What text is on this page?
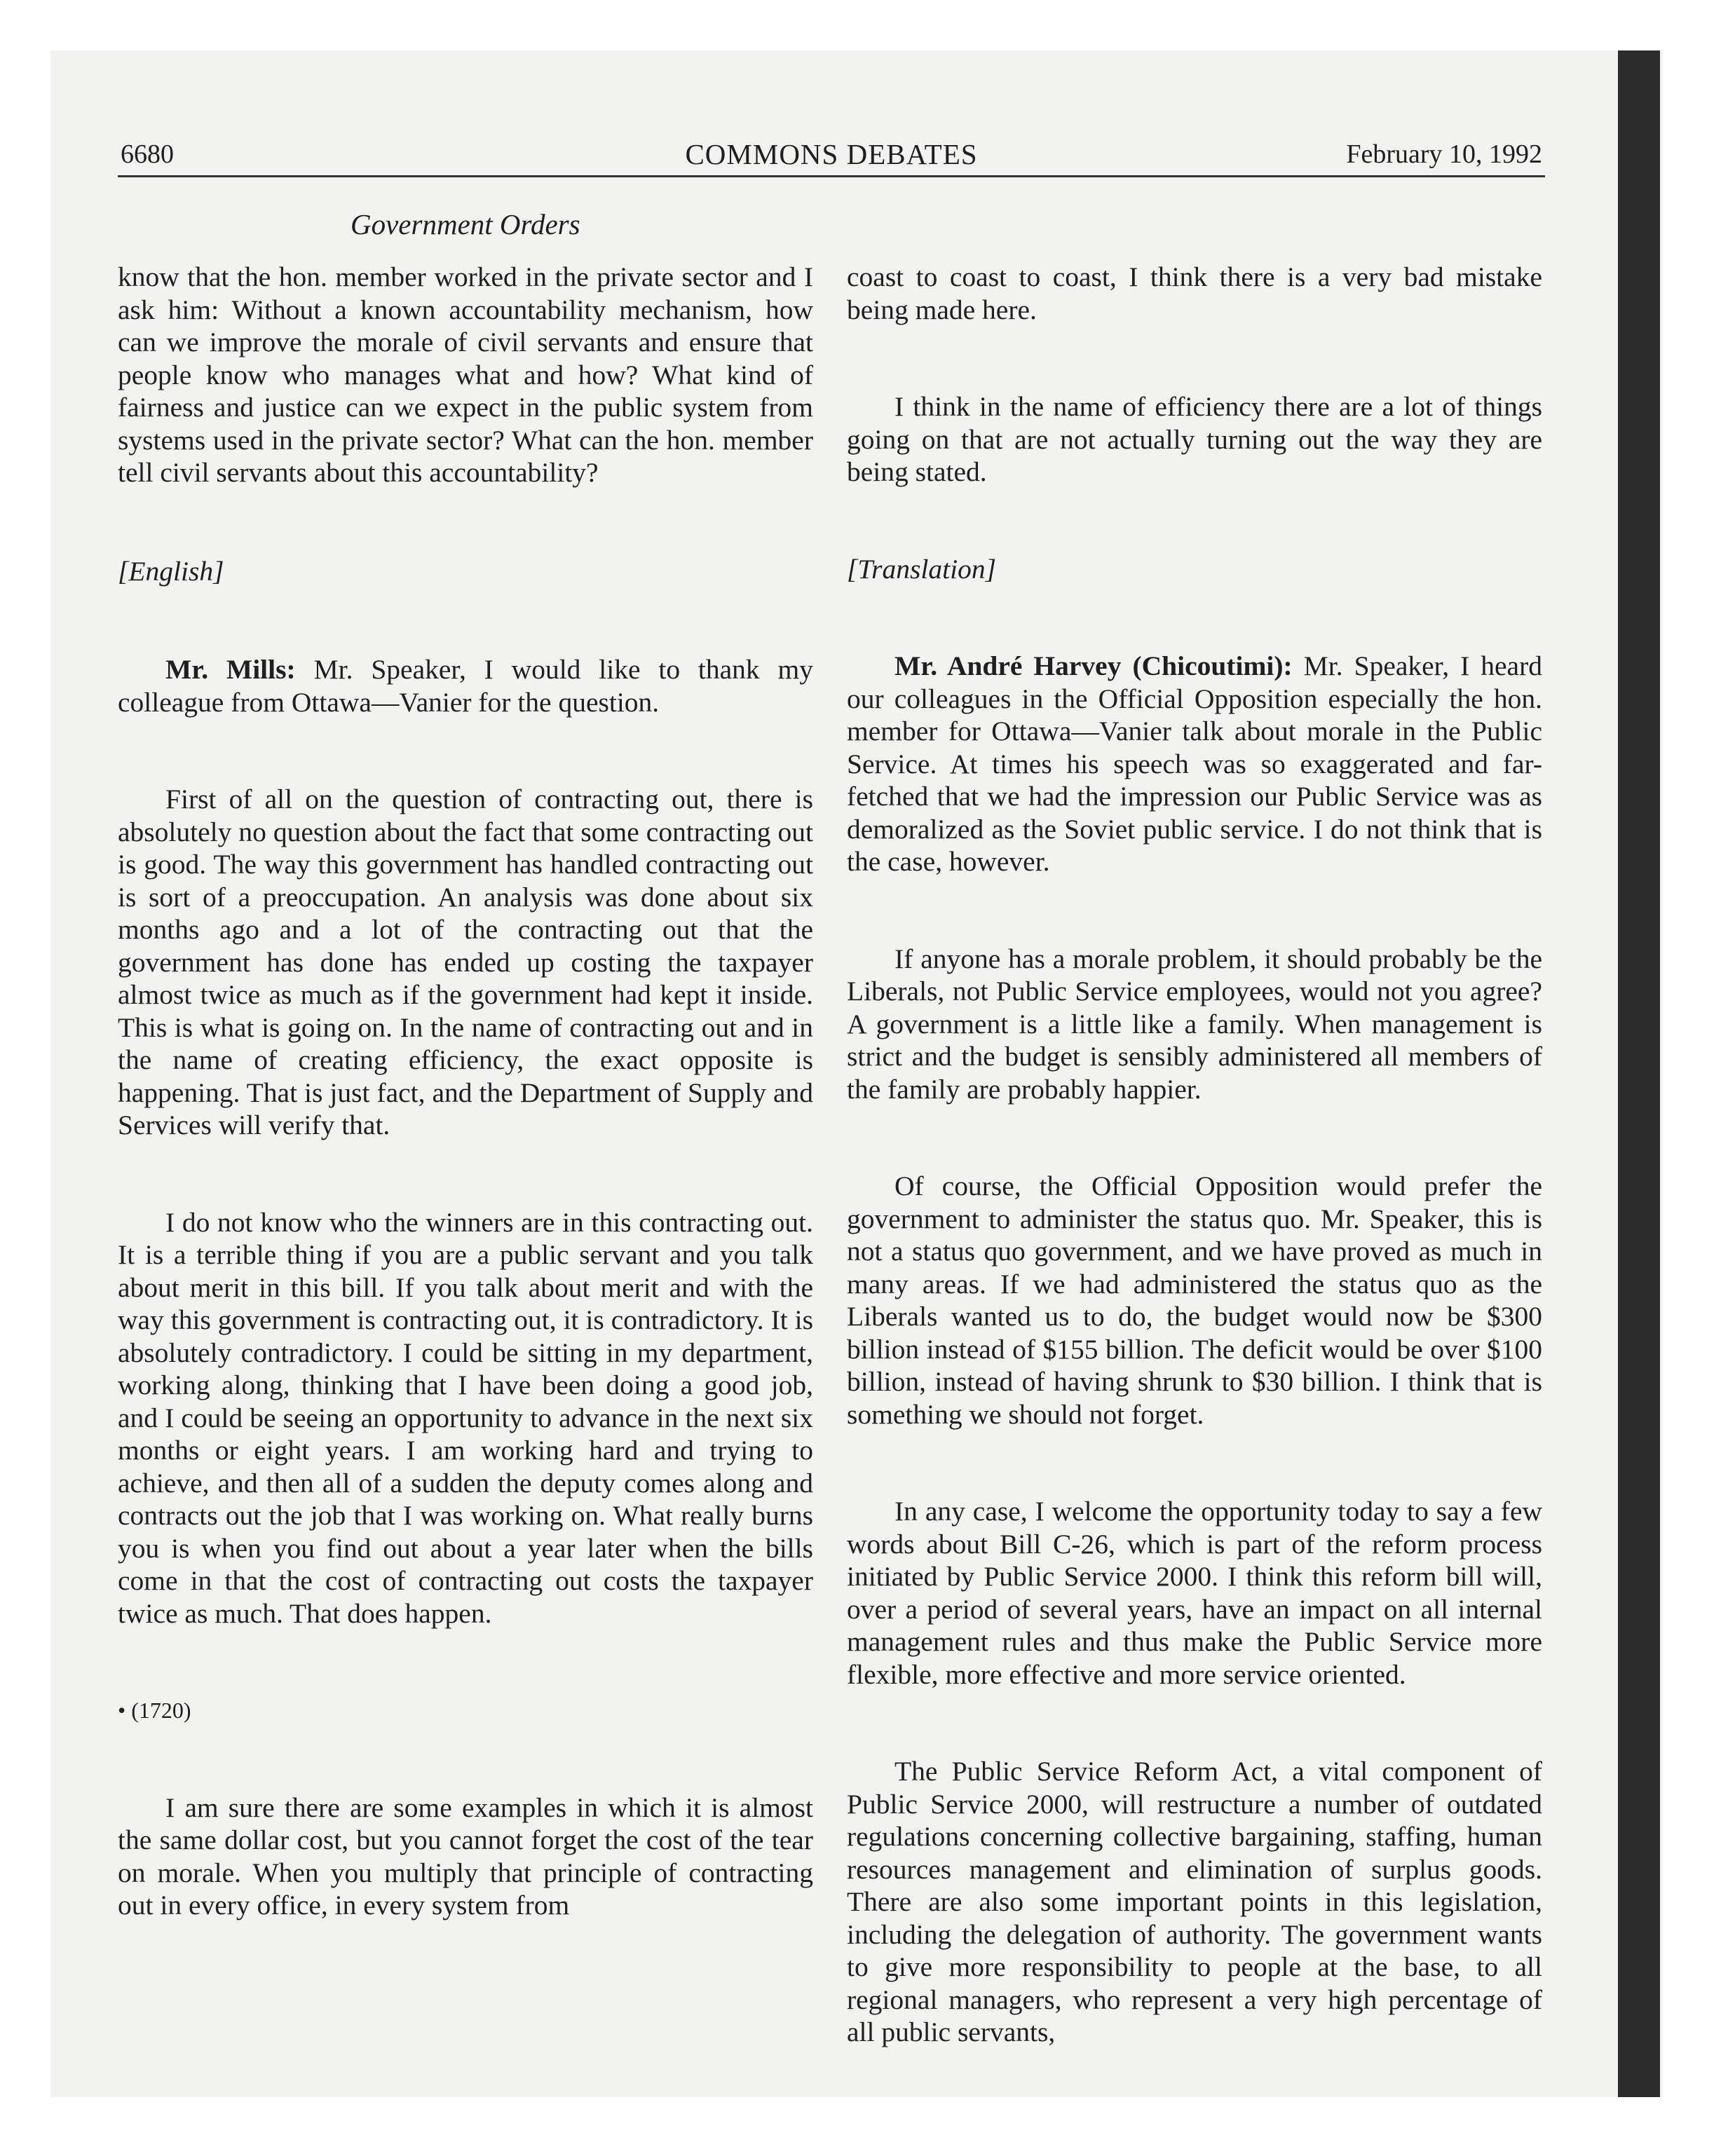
6680	COMMONS DEBATES	February 10, 1992
Government Orders

know that the hon. member worked in the private sector and I ask him: Without a known accountability mechanism, how can we improve the morale of civil servants and ensure that people know who manages what and how? What kind of fairness and justice can we expect in the public system from systems used in the private sector? What can the hon. member tell civil servants about this accountability?

[English]

Mr. Mills: Mr. Speaker, I would like to thank my colleague from Ottawa—Vanier for the question.

First of all on the question of contracting out, there is absolutely no question about the fact that some contracting out is good. The way this government has handled contracting out is sort of a preoccupation. An analysis was done about six months ago and a lot of the contracting out that the government has done has ended up costing the taxpayer almost twice as much as if the government had kept it inside. This is what is going on. In the name of contracting out and in the name of creating efficiency, the exact opposite is happening. That is just fact, and the Department of Supply and Services will verify that.

I do not know who the winners are in this contracting out. It is a terrible thing if you are a public servant and you talk about merit in this bill. If you talk about merit and with the way this government is contracting out, it is contradictory. It is absolutely contradictory. I could be sitting in my department, working along, thinking that I have been doing a good job, and I could be seeing an opportunity to advance in the next six months or eight years. I am working hard and trying to achieve, and then all of a sudden the deputy comes along and contracts out the job that I was working on. What really burns you is when you find out about a year later when the bills come in that the cost of contracting out costs the taxpayer twice as much. That does happen.

• (1720)

I am sure there are some examples in which it is almost the same dollar cost, but you cannot forget the cost of the tear on morale. When you multiply that principle of contracting out in every office, in every system from

coast to coast to coast, I think there is a very bad mistake being made here.

I think in the name of efficiency there are a lot of things going on that are not actually turning out the way they are being stated.

[Translation]

Mr. André Harvey (Chicoutimi): Mr. Speaker, I heard our colleagues in the Official Opposition especially the hon. member for Ottawa—Vanier talk about morale in the Public Service. At times his speech was so exaggerated and far-fetched that we had the impression our Public Service was as demoralized as the Soviet public service. I do not think that is the case, however.

If anyone has a morale problem, it should probably be the Liberals, not Public Service employees, would not you agree? A government is a little like a family. When management is strict and the budget is sensibly administered all members of the family are probably happier.

Of course, the Official Opposition would prefer the government to administer the status quo. Mr. Speaker, this is not a status quo government, and we have proved as much in many areas. If we had administered the status quo as the Liberals wanted us to do, the budget would now be $300 billion instead of $155 billion. The deficit would be over $100 billion, instead of having shrunk to $30 billion. I think that is something we should not forget.

In any case, I welcome the opportunity today to say a few words about Bill C-26, which is part of the reform process initiated by Public Service 2000. I think this reform bill will, over a period of several years, have an impact on all internal management rules and thus make the Public Service more flexible, more effective and more service oriented.

The Public Service Reform Act, a vital component of Public Service 2000, will restructure a number of outdated regulations concerning collective bargaining, staffing, human resources management and elimination of surplus goods. There are also some important points in this legislation, including the delegation of authority. The government wants to give more responsibility to people at the base, to all regional managers, who represent a very high percentage of all public servants,
